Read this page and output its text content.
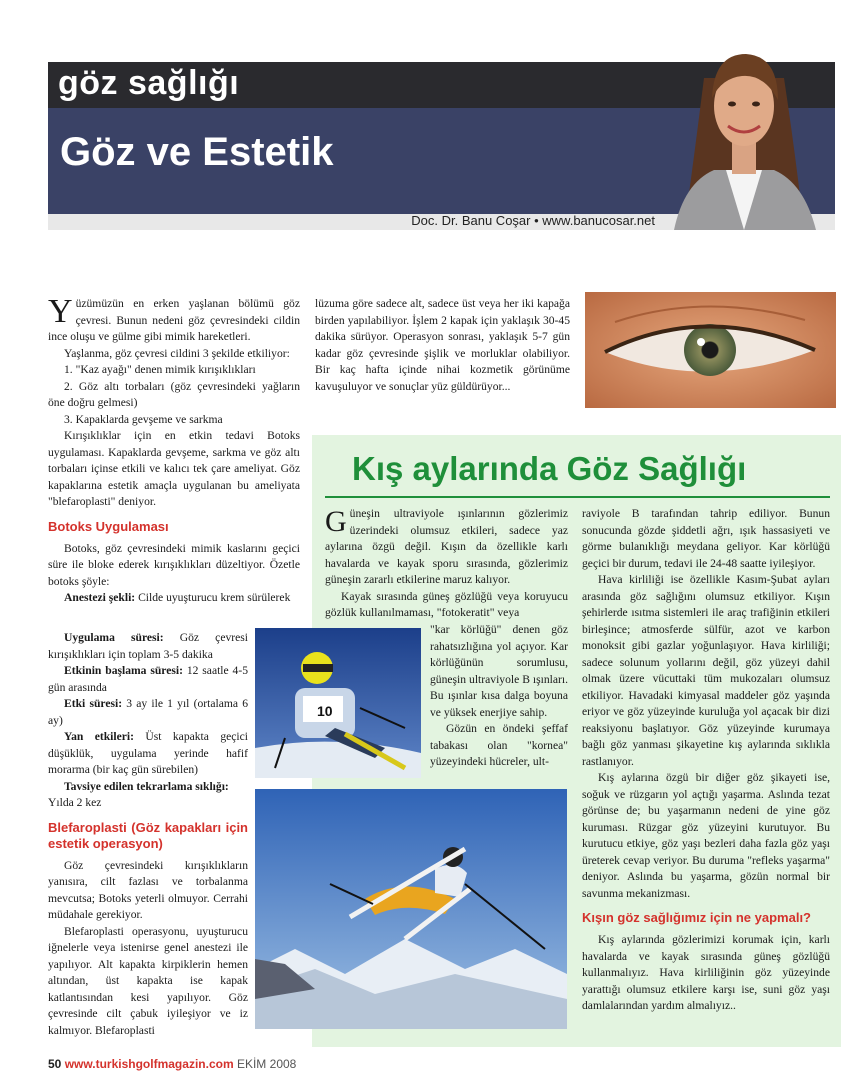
göz sağlığı
Göz ve Estetik
Doc. Dr. Banu Coşar • www.banucosar.net

Yüzümüzün en erken yaşlanan bölümü göz çevresi. Bunun nedeni göz çevresindeki cildin ince oluşu ve gülme gibi mimik hareketleri.

Yaşlanma, göz çevresi cildini 3 şekilde etkiliyor:

1. "Kaz ayağı" denen mimik kırışıklıkları

2. Göz altı torbaları (göz çevresindeki yağların öne doğru gelmesi)

3. Kapaklarda gevşeme ve sarkma

Kırışıklıklar için en etkin tedavi Botoks uygulaması. Kapaklarda gevşeme, sarkma ve göz altı torbaları içinse etkili ve kalıcı tek çare ameliyat. Göz kapaklarına estetik amaçla uygulanan bu ameliyata "blefaroplasti" deniyor.

Botoks Uygulaması

Botoks, göz çevresindeki mimik kaslarını geçici süre ile bloke ederek kırışıklıkları düzeltiyor. Özetle botoks şöyle:

Anestezi şekli: Cilde uyuşturucu krem sürülerek

Uygulama süresi: Göz çevresi kırışıklıkları için toplam 3-5 dakika

Etkinin başlama süresi: 12 saatle 4-5 gün arasında

Etki süresi: 3 ay ile 1 yıl (ortalama 6 ay)

Yan etkileri: Üst kapakta geçici düşüklük, uygulama yerinde hafif morarma (bir kaç gün sürebilen)

Tavsiye edilen tekrarlama sıklığı:

Yılda 2 kez

Blefaroplasti (Göz kapakları için estetik operasyon)

Göz çevresindeki kırışıklıkların yanısıra, cilt fazlası ve torbalanma mevcutsa; Botoks yeterli olmuyor. Cerrahi müdahale gerekiyor.

Blefaroplasti operasyonu, uyuşturucu iğnelerle veya istenirse genel anestezi ile yapılıyor. Alt kapakta kirpiklerin hemen altından, üst kapakta ise kapak katlantısından kesi yapılıyor. Göz çevresinde cilt çabuk iyileşiyor ve iz kalmıyor. Blefaroplasti

lüzuma göre sadece alt, sadece üst veya her iki kapağa birden yapılabiliyor. İşlem 2 kapak için yaklaşık 30-45 dakika sürüyor. Operasyon sonrası, yaklaşık 5-7 gün kadar göz çevresinde şişlik ve morluklar olabiliyor. Bir kaç hafta içinde nihai kozmetik görünüme kavuşuluyor ve sonuçlar yüz güldürüyor...

Kış aylarında Göz Sağlığı

Güneşin ultraviyole ışınlarının gözlerimiz üzerindeki olumsuz etkileri, sadece yaz aylarına özgü değil. Kışın da özellikle karlı havalarda ve kayak sporu sırasında, gözlerimiz güneşin zararlı etkilerine maruz kalıyor.

Kayak sırasında güneş gözlüğü veya koruyucu gözlük kullanılmaması, "fotokeratit" veya

"kar körlüğü" denen göz rahatsızlığına yol açıyor. Kar körlüğünün sorumlusu, güneşin ultraviyole B ışınları. Bu ışınlar kısa dalga boyuna ve yüksek enerjiye sahip.

Gözün en öndeki şeffaf tabakası olan "kornea" yüzeyindeki hücreler, ult-

raviyole B tarafından tahrip ediliyor. Bunun sonucunda gözde şiddetli ağrı, ışık hassasiyeti ve görme bulanıklığı meydana geliyor. Kar körlüğü geçici bir durum, tedavi ile 24-48 saatte iyileşiyor.

Hava kirliliği ise özellikle Kasım-Şubat ayları arasında göz sağlığını olumsuz etkiliyor. Kışın şehirlerde ısıtma sistemleri ile araç trafiğinin etkileri birleşince; atmosferde sülfür, azot ve karbon monoksit gibi gazlar yoğunlaşıyor. Hava kirliliği; sadece solunum yollarını değil, göz yüzeyi dahil olmak üzere vücuttaki tüm mukozaları olumsuz etkiliyor. Havadaki kimyasal maddeler göz yaşında eriyor ve göz yüzeyinde kuruluğa yol açacak bir dizi reaksiyonu başlatıyor. Göz yüzeyinde kurumaya bağlı göz yanması şikayetine kış aylarında sıklıkla rastlanıyor.

Kış aylarına özgü bir diğer göz şikayeti ise, soğuk ve rüzgarın yol açtığı yaşarma. Aslında tezat görünse de; bu yaşarmanın nedeni de yine göz kuruması. Rüzgar göz yüzeyini kurutuyor. Bu kurutucu etkiye, göz yaşı bezleri daha fazla göz yaşı üreterek cevap veriyor. Bu duruma "refleks yaşarma" deniyor. Aslında bu yaşarma, gözün normal bir savunma mekanizması.

Kışın göz sağlığımız için ne yapmalı?

Kış aylarında gözlerimizi korumak için, karlı havalarda ve kayak sırasında güneş gözlüğü kullanmalıyız. Hava kirliliğinin göz yüzeyinde yarattığı olumsuz etkilere karşı ise, suni göz yaşı damlalarından yardım almalıyız..

10
50 www.turkishgolfmagazin.com EKİM 2008
